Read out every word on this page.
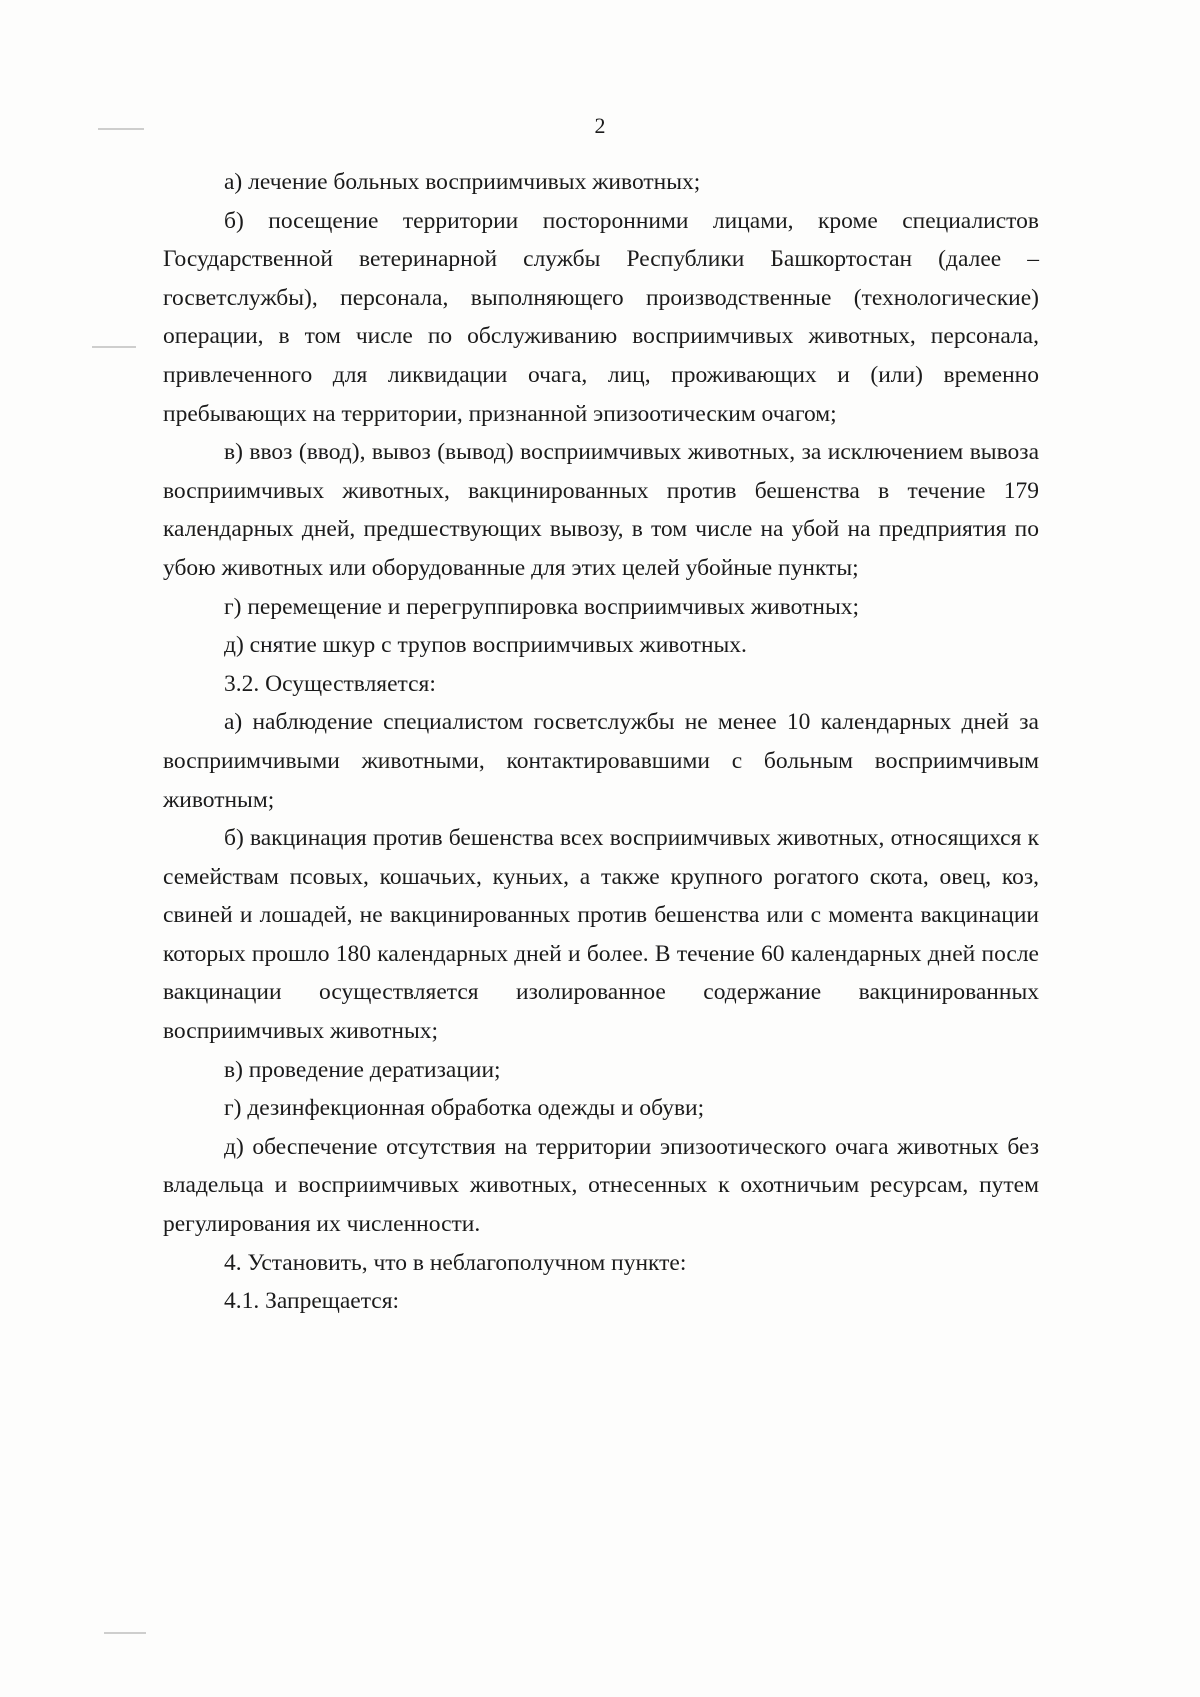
2

а) лечение больных восприимчивых животных;

б) посещение территории посторонними лицами, кроме специалистов Государственной ветеринарной службы Республики Башкортостан (далее – госветслужбы), персонала, выполняющего производственные (технологические) операции, в том числе по обслуживанию восприимчивых животных, персонала, привлеченного для ликвидации очага, лиц, проживающих и (или) временно пребывающих на территории, признанной эпизоотическим очагом;

в) ввоз (ввод), вывоз (вывод) восприимчивых животных, за исключением вывоза восприимчивых животных, вакцинированных против бешенства в течение 179 календарных дней, предшествующих вывозу, в том числе на убой на предприятия по убою животных или оборудованные для этих целей убойные пункты;

г) перемещение и перегруппировка восприимчивых животных;

д) снятие шкур с трупов восприимчивых животных.

3.2. Осуществляется:

а) наблюдение специалистом госветслужбы не менее 10 календарных дней за восприимчивыми животными, контактировавшими с больным восприимчивым животным;

б) вакцинация против бешенства всех восприимчивых животных, относящихся к семействам псовых, кошачьих, куньих, а также крупного рогатого скота, овец, коз, свиней и лошадей, не вакцинированных против бешенства или с момента вакцинации которых прошло 180 календарных дней и более. В течение 60 календарных дней после вакцинации осуществляется изолированное содержание вакцинированных восприимчивых животных;

в) проведение дератизации;

г) дезинфекционная обработка одежды и обуви;

д) обеспечение отсутствия на территории эпизоотического очага животных без владельца и восприимчивых животных, отнесенных к охотничьим ресурсам, путем регулирования их численности.

4. Установить, что в неблагополучном пункте:

4.1. Запрещается:
